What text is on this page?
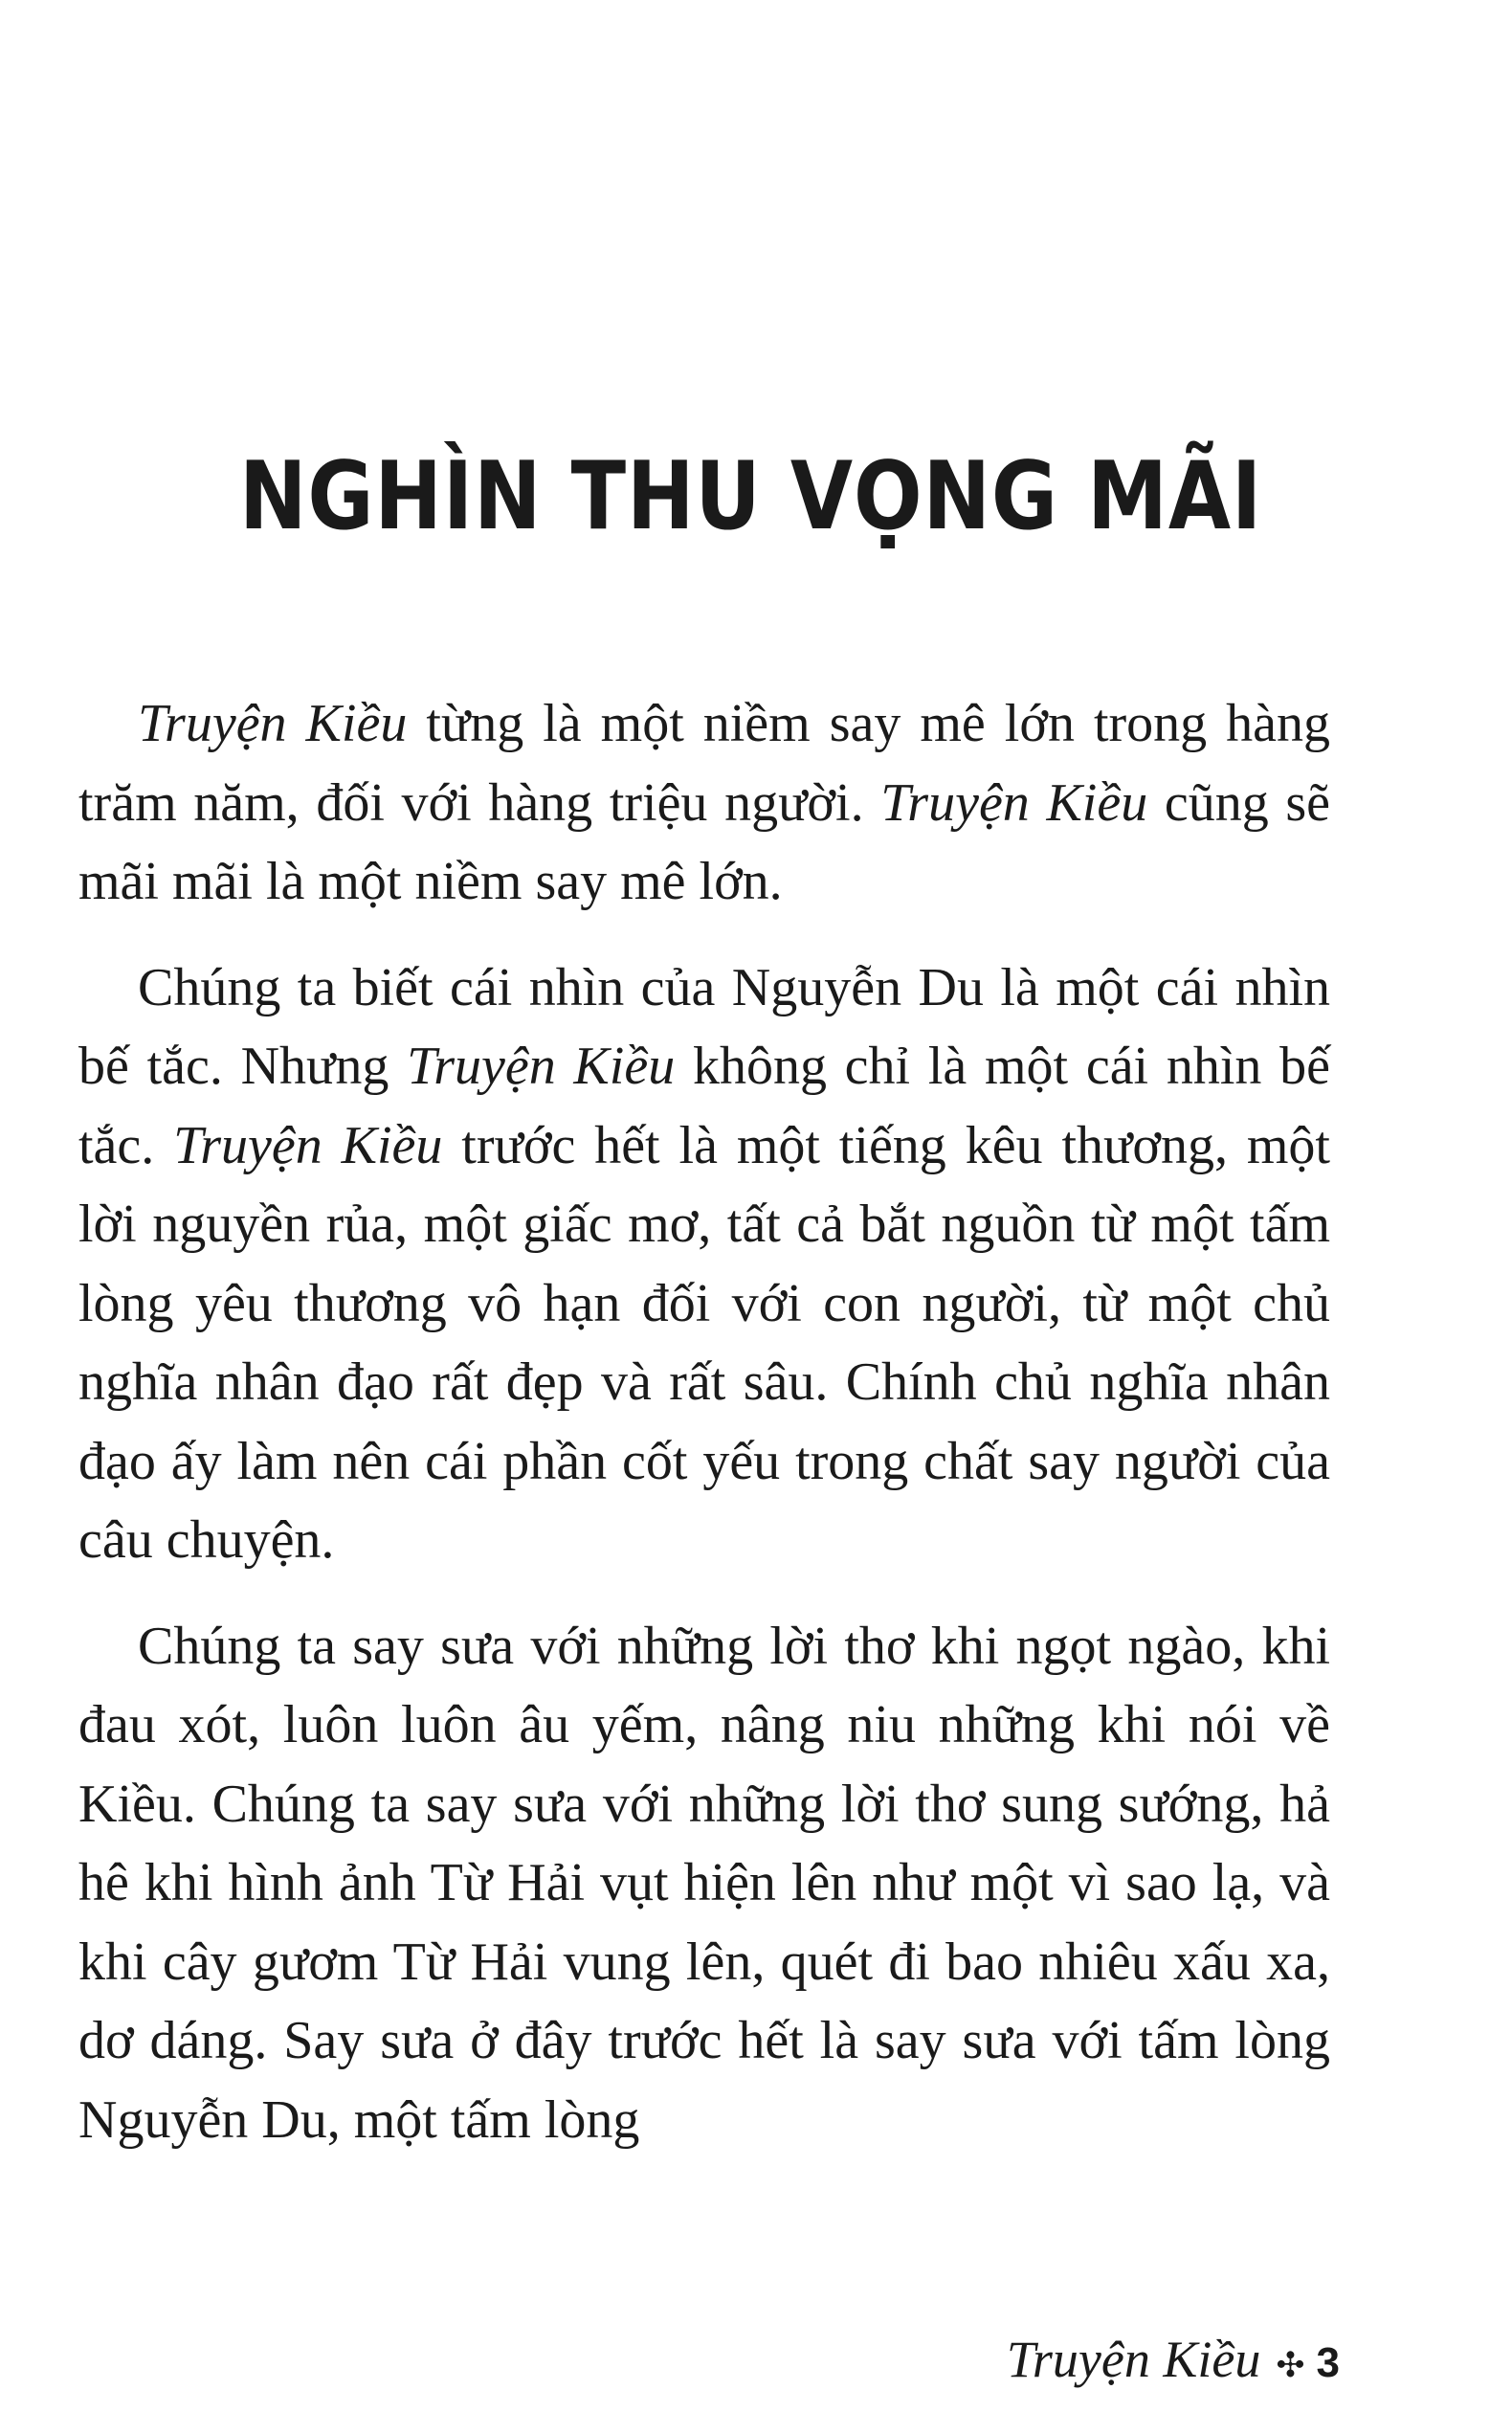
NGHÌN THU VỌNG MÃI

Truyện Kiều từng là một niềm say mê lớn trong hàng trăm năm, đối với hàng triệu người. Truyện Kiều cũng sẽ mãi mãi là một niềm say mê lớn.

Chúng ta biết cái nhìn của Nguyễn Du là một cái nhìn bế tắc. Nhưng Truyện Kiều không chỉ là một cái nhìn bế tắc. Truyện Kiều trước hết là một tiếng kêu thương, một lời nguyền rủa, một giấc mơ, tất cả bắt nguồn từ một tấm lòng yêu thương vô hạn đối với con người, từ một chủ nghĩa nhân đạo rất đẹp và rất sâu. Chính chủ nghĩa nhân đạo ấy làm nên cái phần cốt yếu trong chất say người của câu chuyện.

Chúng ta say sưa với những lời thơ khi ngọt ngào, khi đau xót, luôn luôn âu yếm, nâng niu những khi nói về Kiều. Chúng ta say sưa với những lời thơ sung sướng, hả hê khi hình ảnh Từ Hải vụt hiện lên như một vì sao lạ, và khi cây gươm Từ Hải vung lên, quét đi bao nhiêu xấu xa, dơ dáng. Say sưa ở đây trước hết là say sưa với tấm lòng Nguyễn Du, một tấm lòng

Truyện Kiều ✣ 3
